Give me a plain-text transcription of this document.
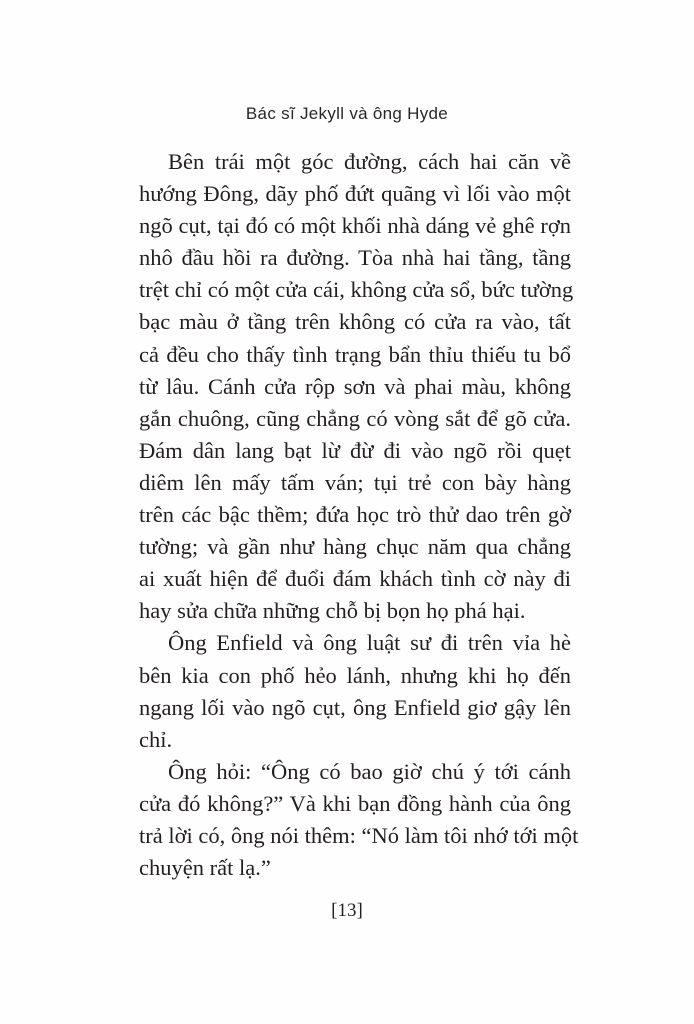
Bác sĩ Jekyll và ông Hyde
Bên trái một góc đường, cách hai căn về
hướng Đông, dãy phố đứt quãng vì lối vào một
ngõ cụt, tại đó có một khối nhà dáng vẻ ghê rợn
nhô đầu hồi ra đường. Tòa nhà hai tầng, tầng
trệt chỉ có một cửa cái, không cửa sổ, bức tường
bạc màu ở tầng trên không có cửa ra vào, tất
cả đều cho thấy tình trạng bẩn thỉu thiếu tu bổ
từ lâu. Cánh cửa rộp sơn và phai màu, không
gắn chuông, cũng chẳng có vòng sắt để gõ cửa.
Đám dân lang bạt lừ đừ đi vào ngõ rồi quẹt
diêm lên mấy tấm ván; tụi trẻ con bày hàng
trên các bậc thềm; đứa học trò thử dao trên gờ
tường; và gần như hàng chục năm qua chẳng
ai xuất hiện để đuổi đám khách tình cờ này đi
hay sửa chữa những chỗ bị bọn họ phá hại.
Ông Enfield và ông luật sư đi trên vỉa hè
bên kia con phố hẻo lánh, nhưng khi họ đến
ngang lối vào ngõ cụt, ông Enfield giơ gậy lên
chỉ.
Ông hỏi: “Ông có bao giờ chú ý tới cánh
cửa đó không?” Và khi bạn đồng hành của ông
trả lời có, ông nói thêm: “Nó làm tôi nhớ tới một
chuyện rất lạ.”
[13]
